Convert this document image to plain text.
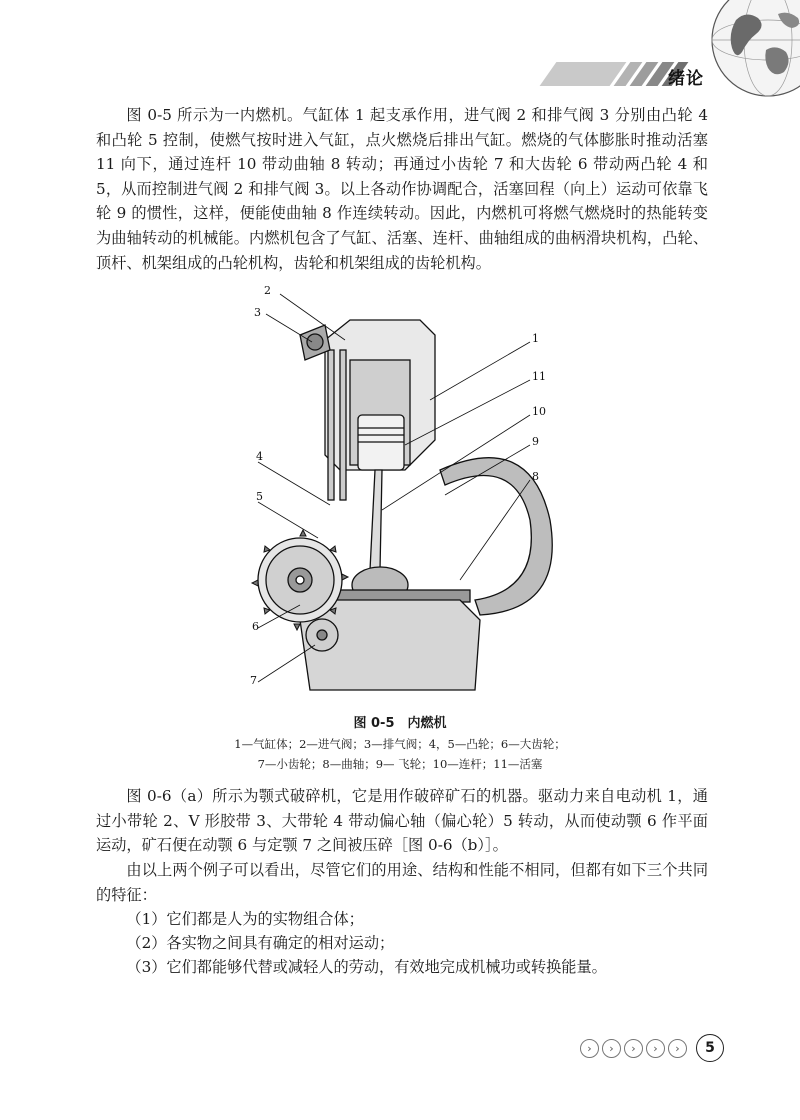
绪论

图 0-5 所示为一内燃机。气缸体 1 起支承作用，进气阀 2 和排气阀 3 分别由凸轮 4 和凸轮 5 控制，使燃气按时进入气缸，点火燃烧后排出气缸。燃烧的气体膨胀时推动活塞 11 向下，通过连杆 10 带动曲轴 8 转动；再通过小齿轮 7 和大齿轮 6 带动两凸轮 4 和 5，从而控制进气阀 2 和排气阀 3。以上各动作协调配合，活塞回程（向上）运动可依靠飞轮 9 的惯性，这样，便能使曲轴 8 作连续转动。因此，内燃机可将燃气燃烧时的热能转变为曲轴转动的机械能。内燃机包含了气缸、活塞、连杆、曲轴组成的曲柄滑块机构，凸轮、顶杆、机架组成的凸轮机构，齿轮和机架组成的齿轮机构。

2
3
1
11
10
9
8
4
5
6
7
图 0-5　内燃机
1—气缸体；2—进气阀；3—排气阀；4，5—凸轮；6—大齿轮；
7—小齿轮；8—曲轴；9— 飞轮；10—连杆；11—活塞

图 0-6（a）所示为颚式破碎机，它是用作破碎矿石的机器。驱动力来自电动机 1，通过小带轮 2、V 形胶带 3、大带轮 4 带动偏心轴（偏心轮）5 转动，从而使动颚 6 作平面运动，矿石便在动颚 6 与定颚 7 之间被压碎［图 0-6（b）］。

由以上两个例子可以看出，尽管它们的用途、结构和性能不相同，但都有如下三个共同的特征：

（1）它们都是人为的实物组合体；

（2）各实物之间具有确定的相对运动；

（3）它们都能够代替或减轻人的劳动，有效地完成机械功或转换能量。

›	›	›	›	›	5
